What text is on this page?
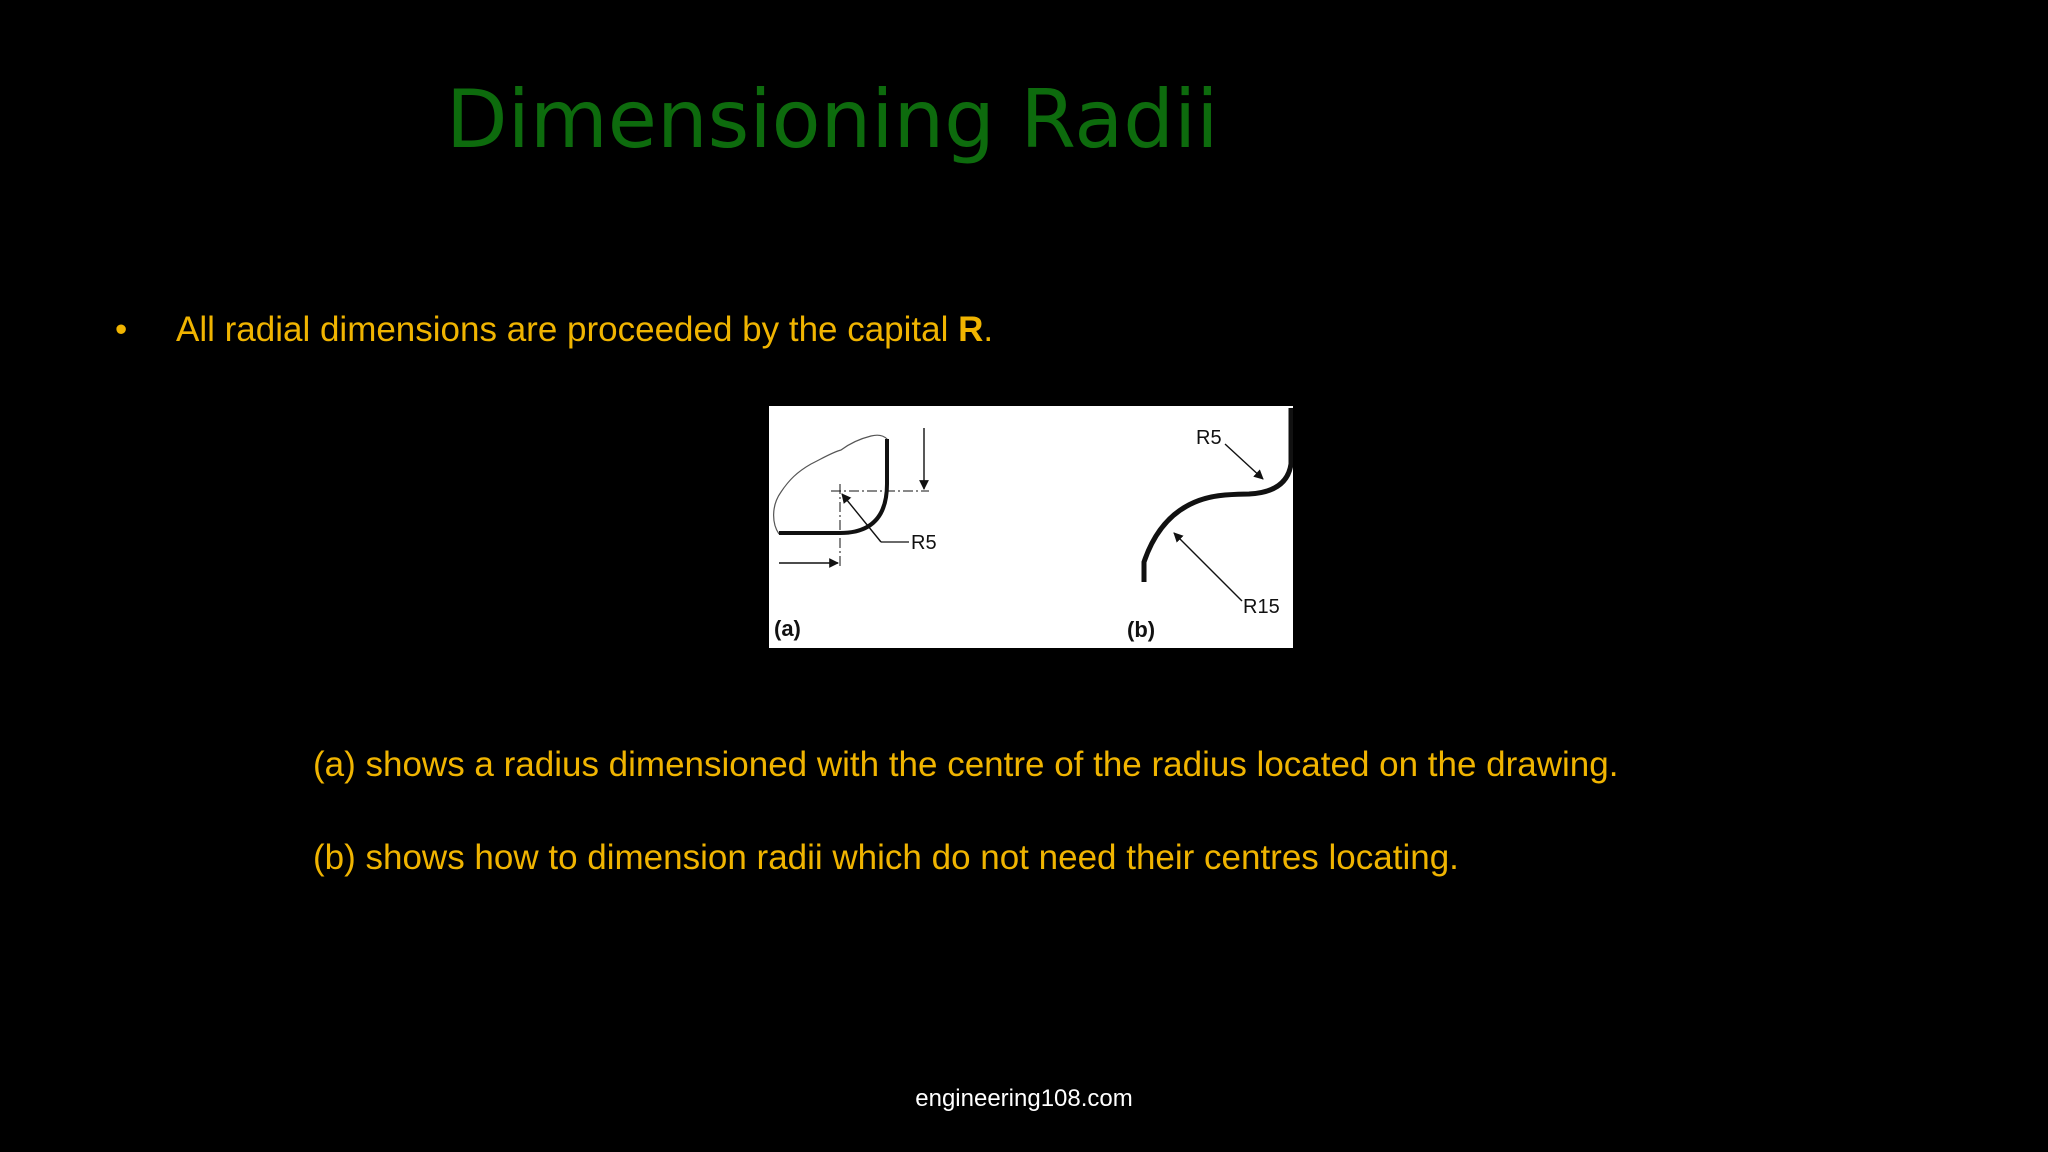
Dimensioning Radii
• All radial dimensions are proceeded by the capital R.
R5
(a)
R5
R15
(b)
(a) shows a radius dimensioned with the centre of the radius located on the drawing.
(b) shows how to dimension radii which do not need their centres locating.
engineering108.com
